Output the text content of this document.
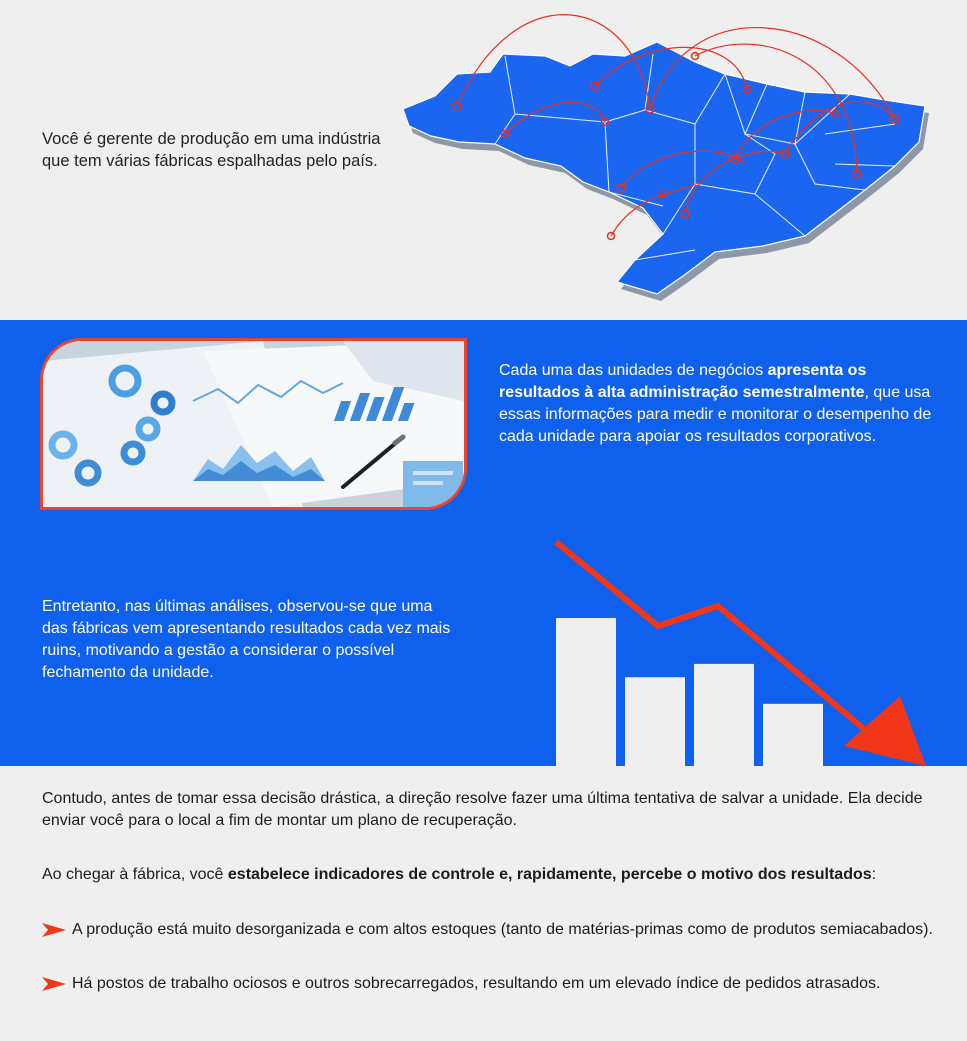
Você é gerente de produção em uma indústria que tem várias fábricas espalhadas pelo país.

Cada uma das unidades de negócios apresenta os resultados à alta administração semestralmente, que usa essas informações para medir e monitorar o desempenho de cada unidade para apoiar os resultados corporativos.

Entretanto, nas últimas análises, observou-se que uma das fábricas vem apresentando resultados cada vez mais ruins, motivando a gestão a considerar o possível fechamento da unidade.

Contudo, antes de tomar essa decisão drástica, a direção resolve fazer uma última tentativa de salvar a unidade. Ela decide enviar você para o local a fim de montar um plano de recuperação.

Ao chegar à fábrica, você estabelece indicadores de controle e, rapidamente, percebe o motivo dos resultados:

A produção está muito desorganizada e com altos estoques (tanto de matérias-primas como de produtos semiacabados).
Há postos de trabalho ociosos e outros sobrecarregados, resultando em um elevado índice de pedidos atrasados.
